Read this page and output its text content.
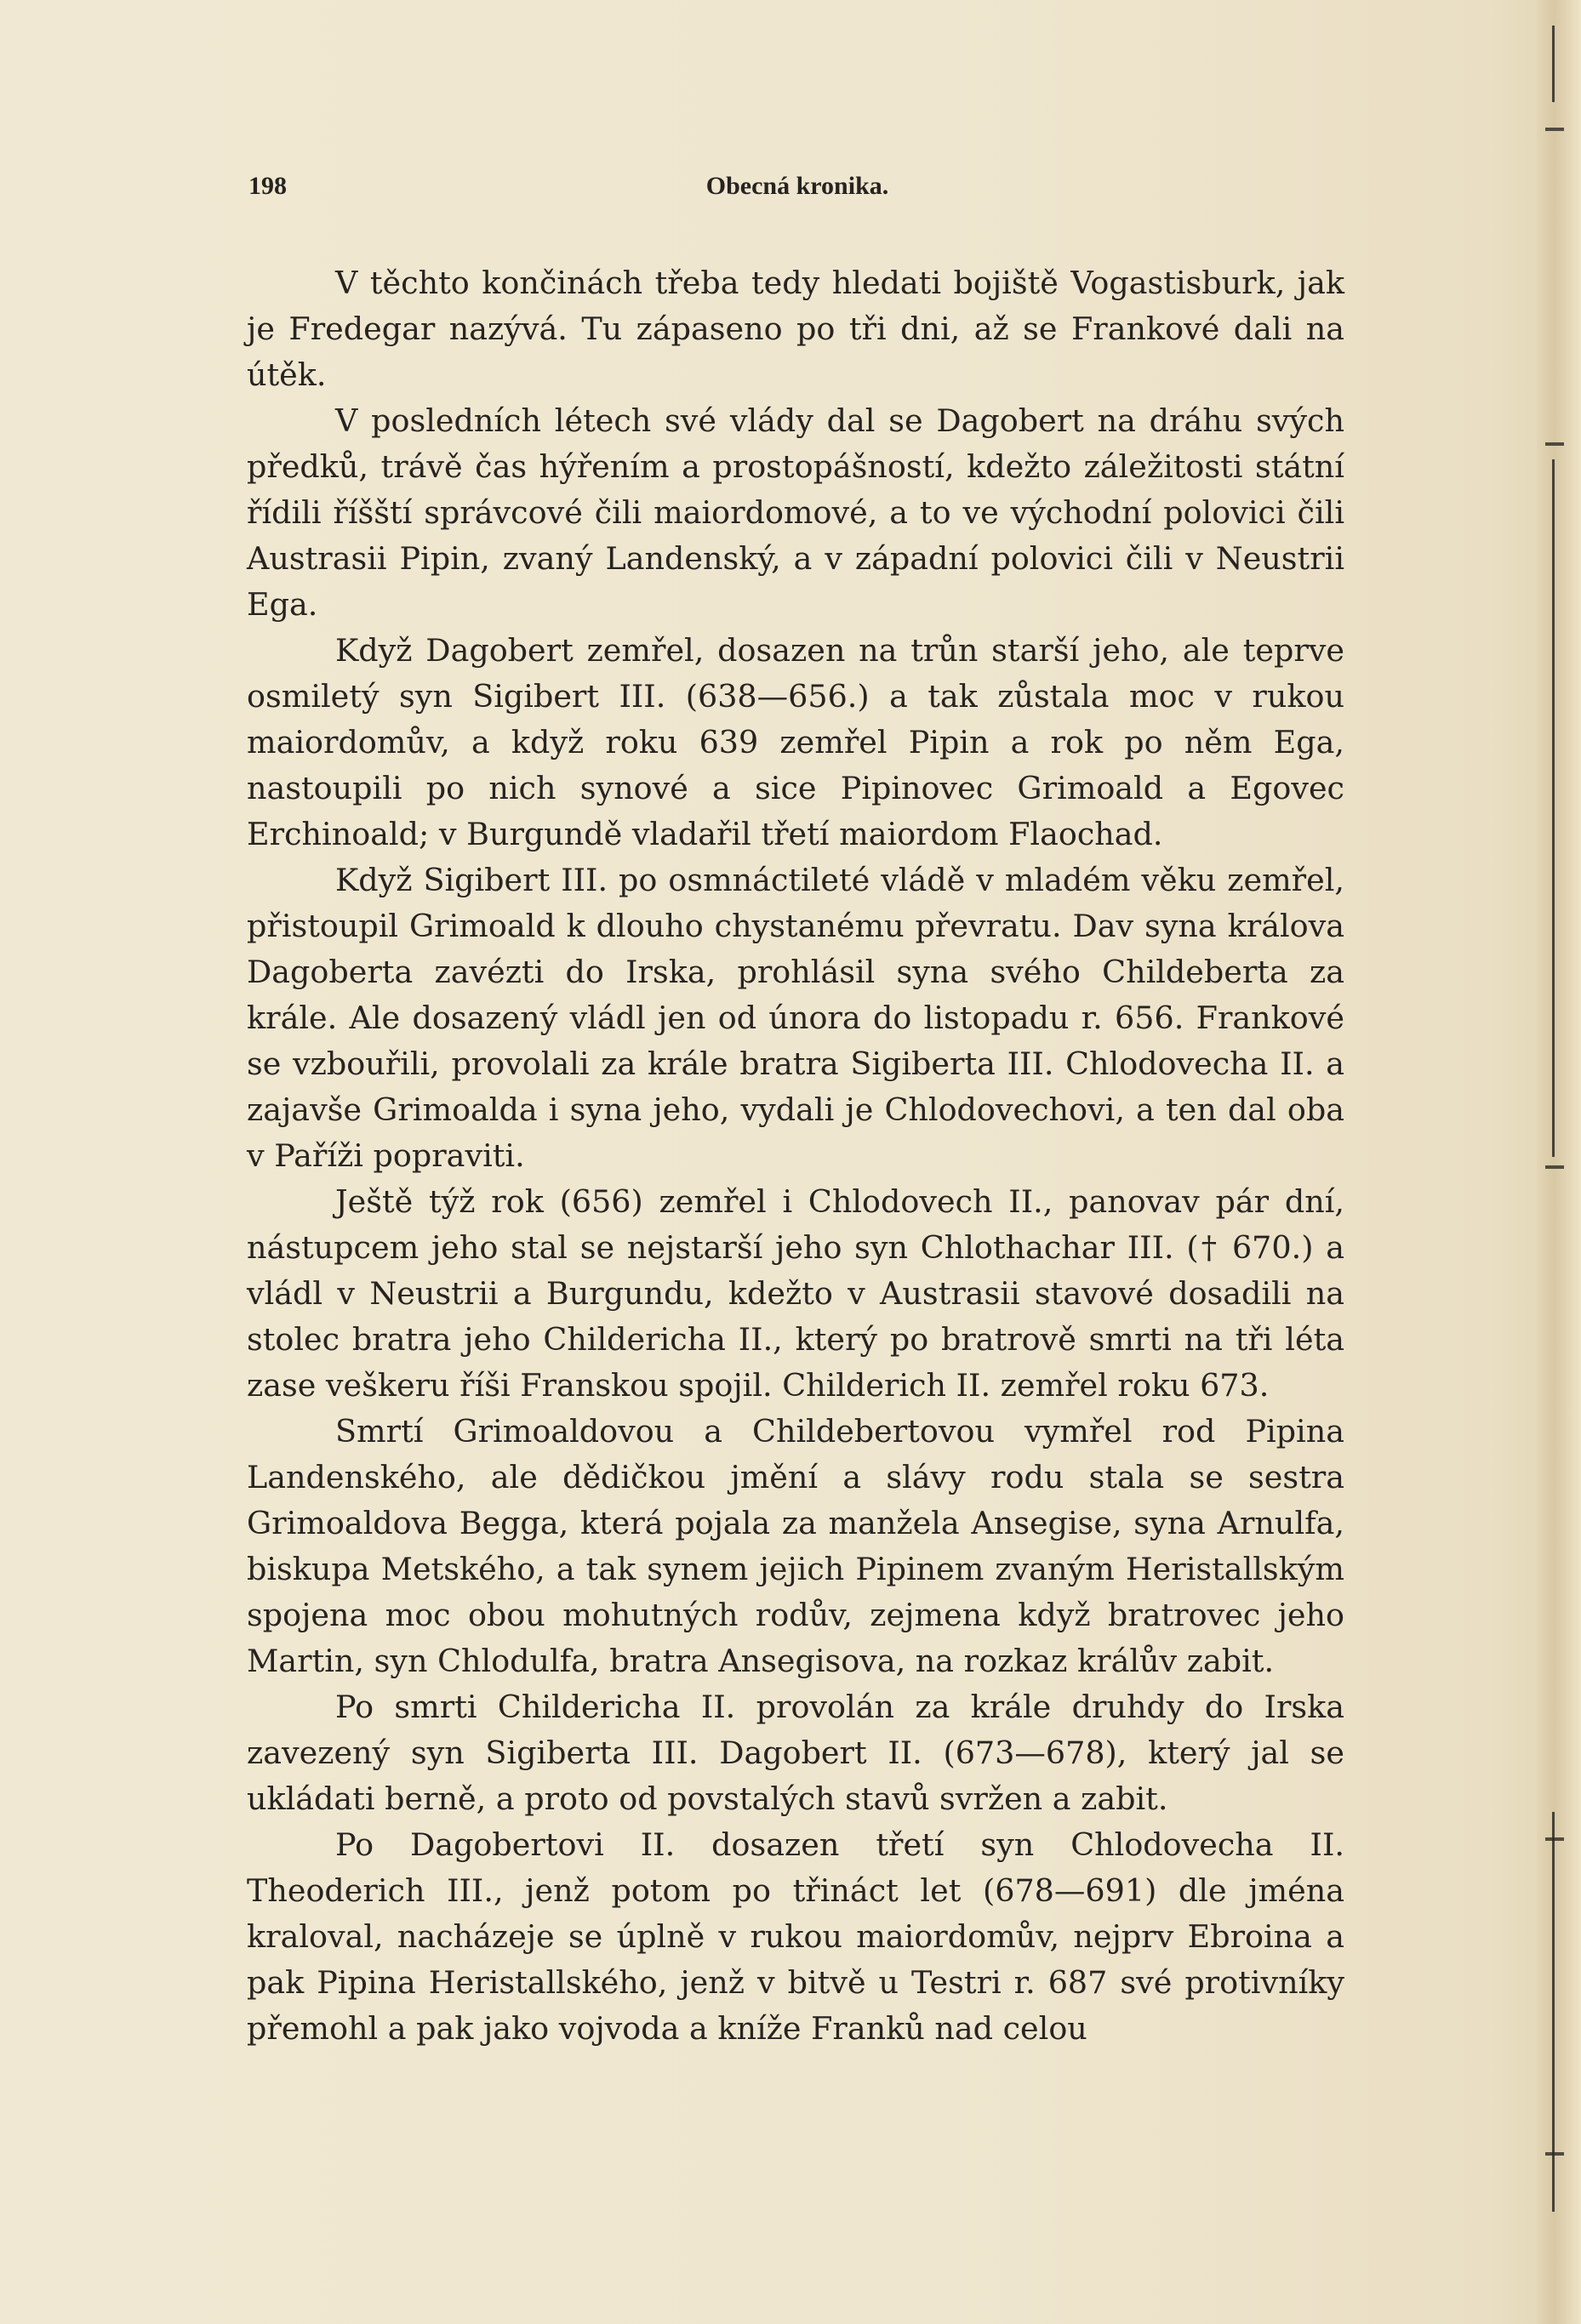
198	Obecná kronika.

V těchto končinách třeba tedy hledati bojiště Vogastisburk, jak je Fredegar nazývá. Tu zápaseno po tři dni, až se Frankové dali na útěk.

V posledních létech své vlády dal se Dagobert na dráhu svých předků, trávě čas hýřením a prostopášností, kdežto záležitosti státní řídili říšští správcové čili maiordomové, a to ve východní polovici čili Austrasii Pipin, zvaný Landenský, a v západní polovici čili v Neustrii Ega.

Když Dagobert zemřel, dosazen na trůn starší jeho, ale teprve osmiletý syn Sigibert III. (638—656.) a tak zůstala moc v rukou maiordomův, a když roku 639 zemřel Pipin a rok po něm Ega, nastoupili po nich synové a sice Pipinovec Grimoald a Egovec Erchinoald; v Burgundě vladařil třetí maiordom Flaochad.

Když Sigibert III. po osmnáctileté vládě v mladém věku zemřel, přistoupil Grimoald k dlouho chystanému převratu. Dav syna králova Dagoberta zavézti do Irska, prohlásil syna svého Childeberta za krále. Ale dosazený vládl jen od února do listopadu r. 656. Frankové se vzbouřili, provolali za krále bratra Sigiberta III. Chlodovecha II. a zajavše Grimoalda i syna jeho, vydali je Chlodovechovi, a ten dal oba v Paříži popraviti.

Ještě týž rok (656) zemřel i Chlodovech II., panovav pár dní, nástupcem jeho stal se nejstarší jeho syn Chlothachar III. († 670.) a vládl v Neustrii a Burgundu, kdežto v Austrasii stavové dosadili na stolec bratra jeho Childericha II., který po bratrově smrti na tři léta zase veškeru říši Franskou spojil. Childerich II. zemřel roku 673.

Smrtí Grimoaldovou a Childebertovou vymřel rod Pipina Landenského, ale dědičkou jmění a slávy rodu stala se sestra Grimoaldova Begga, která pojala za manžela Ansegise, syna Arnulfa, biskupa Metského, a tak synem jejich Pipinem zvaným Heristallským spojena moc obou mohutných rodův, zejmena když bratrovec jeho Martin, syn Chlodulfa, bratra Ansegisova, na rozkaz králův zabit.

Po smrti Childericha II. provolán za krále druhdy do Irska zavezený syn Sigiberta III. Dagobert II. (673—678), který jal se ukládati berně, a proto od povstalých stavů svržen a zabit.

Po Dagobertovi II. dosazen třetí syn Chlodovecha II. Theoderich III., jenž potom po třináct let (678—691) dle jména kraloval, nacházeje se úplně v rukou maiordomův, nejprv Ebroina a pak Pipina Heristallského, jenž v bitvě u Testri r. 687 své protivníky přemohl a pak jako vojvoda a kníže Franků nad celou
